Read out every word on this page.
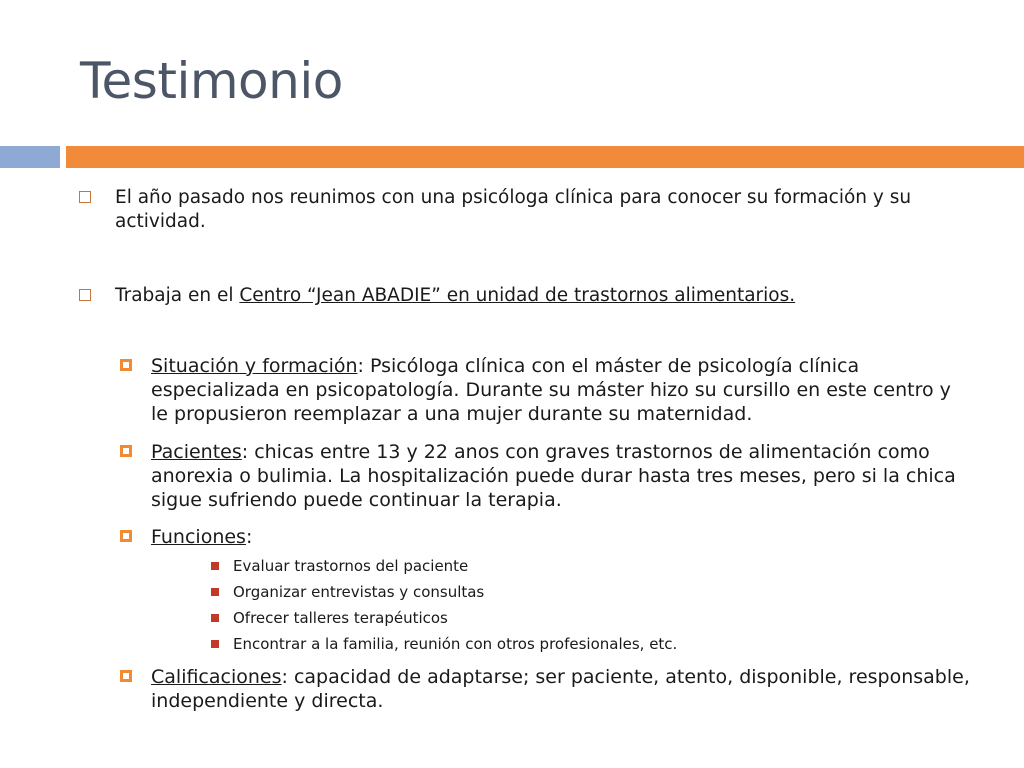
Testimonio
El año pasado nos reunimos con una psicóloga clínica para conocer su formación y su actividad.
Trabaja en el Centro “Jean ABADIE” en unidad de trastornos alimentarios.
Situación y formación: Psicóloga clínica con el máster de psicología clínica especializada en psicopatología. Durante su máster hizo su cursillo en este centro y le propusieron reemplazar a una mujer durante su maternidad.
Pacientes: chicas entre 13 y 22 anos con graves trastornos de alimentación como anorexia o bulimia. La hospitalización puede durar hasta tres meses, pero si la chica sigue sufriendo puede continuar la terapia.
Funciones:
Evaluar trastornos del paciente
Organizar entrevistas y consultas
Ofrecer talleres terapéuticos
Encontrar a la familia, reunión con otros profesionales, etc.
Calificaciones: capacidad de adaptarse; ser paciente, atento, disponible, responsable, independiente y directa.
